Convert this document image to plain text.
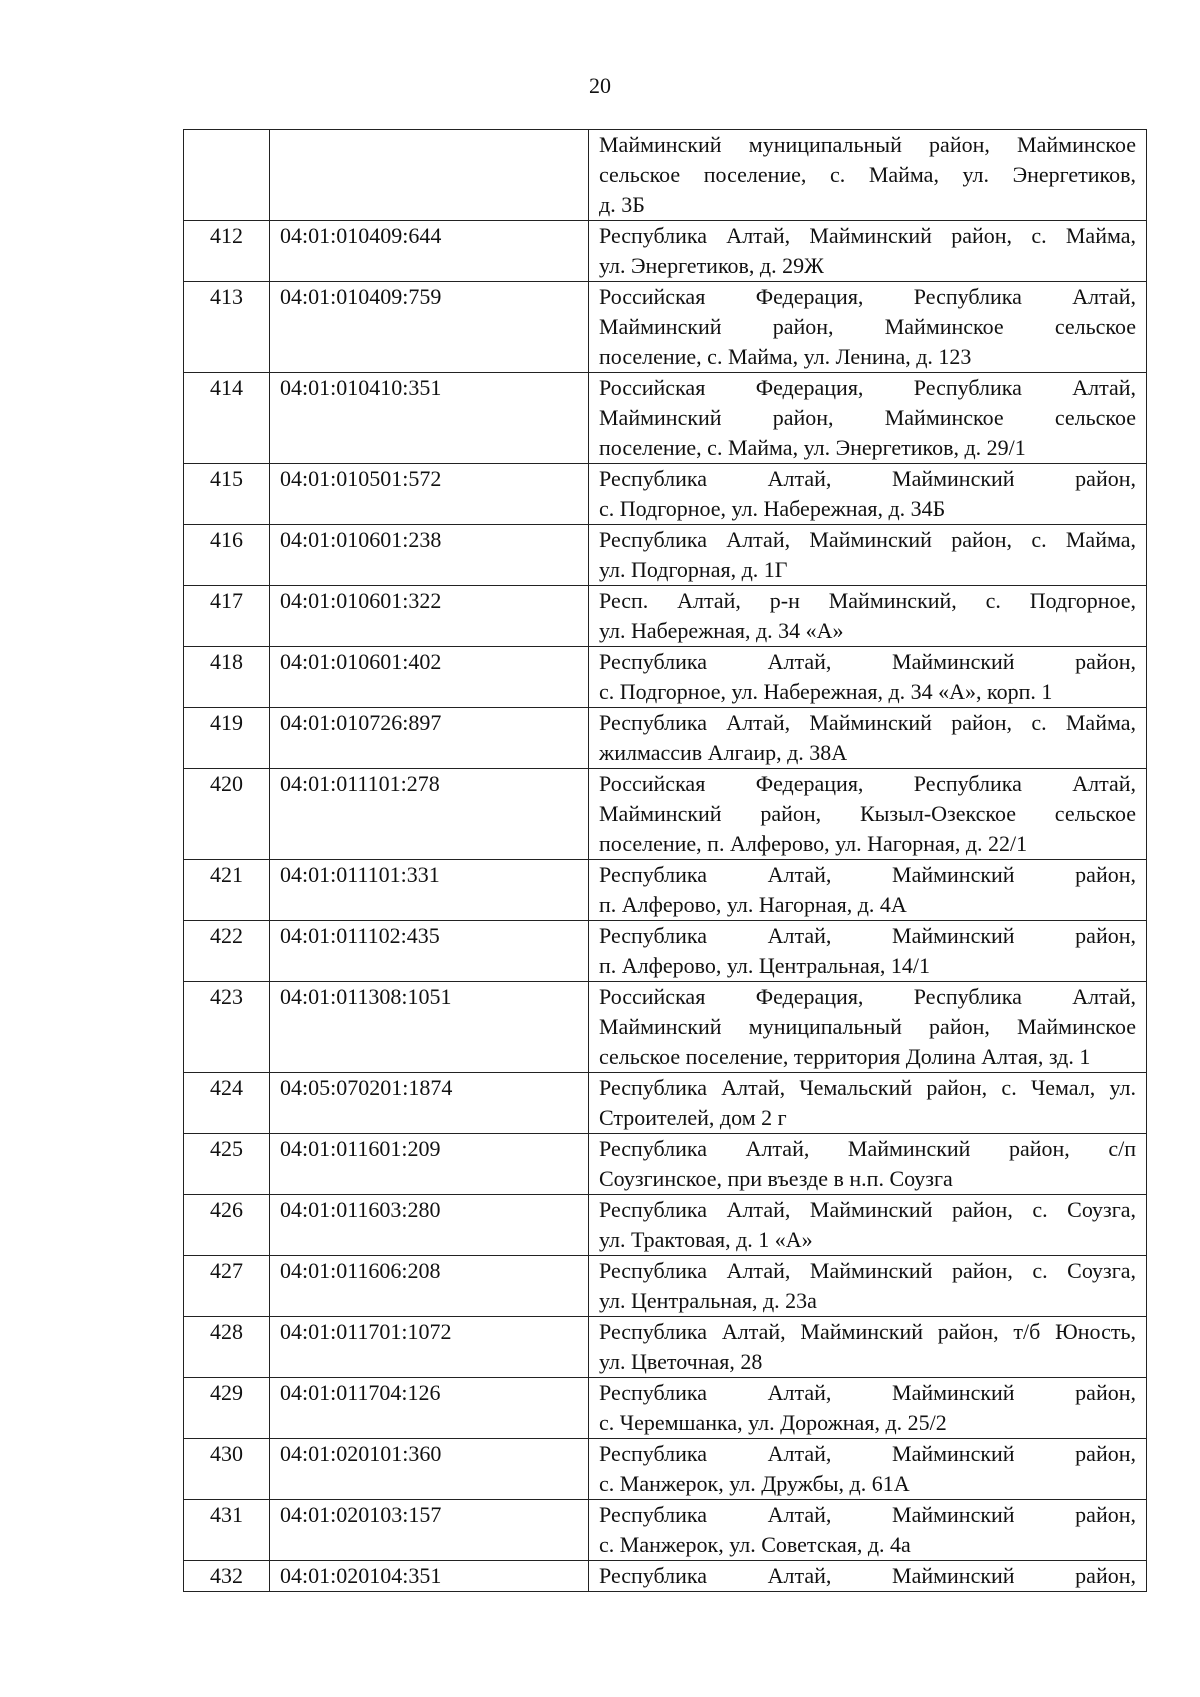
20

		Майминский муниципальный район, Майминское
сельское поселение, с. Майма, ул. Энергетиков,
д. 3Б

412	04:01:010409:644	Республика Алтай, Майминский район, с. Майма,
ул. Энергетиков, д. 29Ж

413	04:01:010409:759	Российская Федерация, Республика Алтай,
Майминский район, Майминское сельское
поселение, с. Майма, ул. Ленина, д. 123

414	04:01:010410:351	Российская Федерация, Республика Алтай,
Майминский район, Майминское сельское
поселение, с. Майма, ул. Энергетиков, д. 29/1

415	04:01:010501:572	Республика Алтай, Майминский район,
с. Подгорное, ул. Набережная, д. 34Б

416	04:01:010601:238	Республика Алтай, Майминский район, с. Майма,
ул. Подгорная, д. 1Г

417	04:01:010601:322	Респ. Алтай, р-н Майминский, с. Подгорное,
ул. Набережная, д. 34 «А»

418	04:01:010601:402	Республика Алтай, Майминский район,
с. Подгорное, ул. Набережная, д. 34 «А», корп. 1

419	04:01:010726:897	Республика Алтай, Майминский район, с. Майма,
жилмассив Алгаир, д. 38А

420	04:01:011101:278	Российская Федерация, Республика Алтай,
Майминский район, Кызыл-Озекское сельское
поселение, п. Алферово, ул. Нагорная, д. 22/1

421	04:01:011101:331	Республика Алтай, Майминский район,
п. Алферово, ул. Нагорная, д. 4А

422	04:01:011102:435	Республика Алтай, Майминский район,
п. Алферово, ул. Центральная, 14/1

423	04:01:011308:1051	Российская Федерация, Республика Алтай,
Майминский муниципальный район, Майминское
сельское поселение, территория Долина Алтая, зд. 1

424	04:05:070201:1874	Республика Алтай, Чемальский район, с. Чемал, ул.
Строителей, дом 2 г

425	04:01:011601:209	Республика Алтай, Майминский район, с/п
Соузгинское, при въезде в н.п. Соузга

426	04:01:011603:280	Республика Алтай, Майминский район, с. Соузга,
ул. Трактовая, д. 1 «А»

427	04:01:011606:208	Республика Алтай, Майминский район, с. Соузга,
ул. Центральная, д. 23а

428	04:01:011701:1072	Республика Алтай, Майминский район, т/б Юность,
ул. Цветочная, 28

429	04:01:011704:126	Республика Алтай, Майминский район,
с. Черемшанка, ул. Дорожная, д. 25/2

430	04:01:020101:360	Республика Алтай, Майминский район,
с. Манжерок, ул. Дружбы, д. 61А

431	04:01:020103:157	Республика Алтай, Майминский район,
с. Манжерок, ул. Советская, д. 4а

432	04:01:020104:351	Республика Алтай, Майминский район,
